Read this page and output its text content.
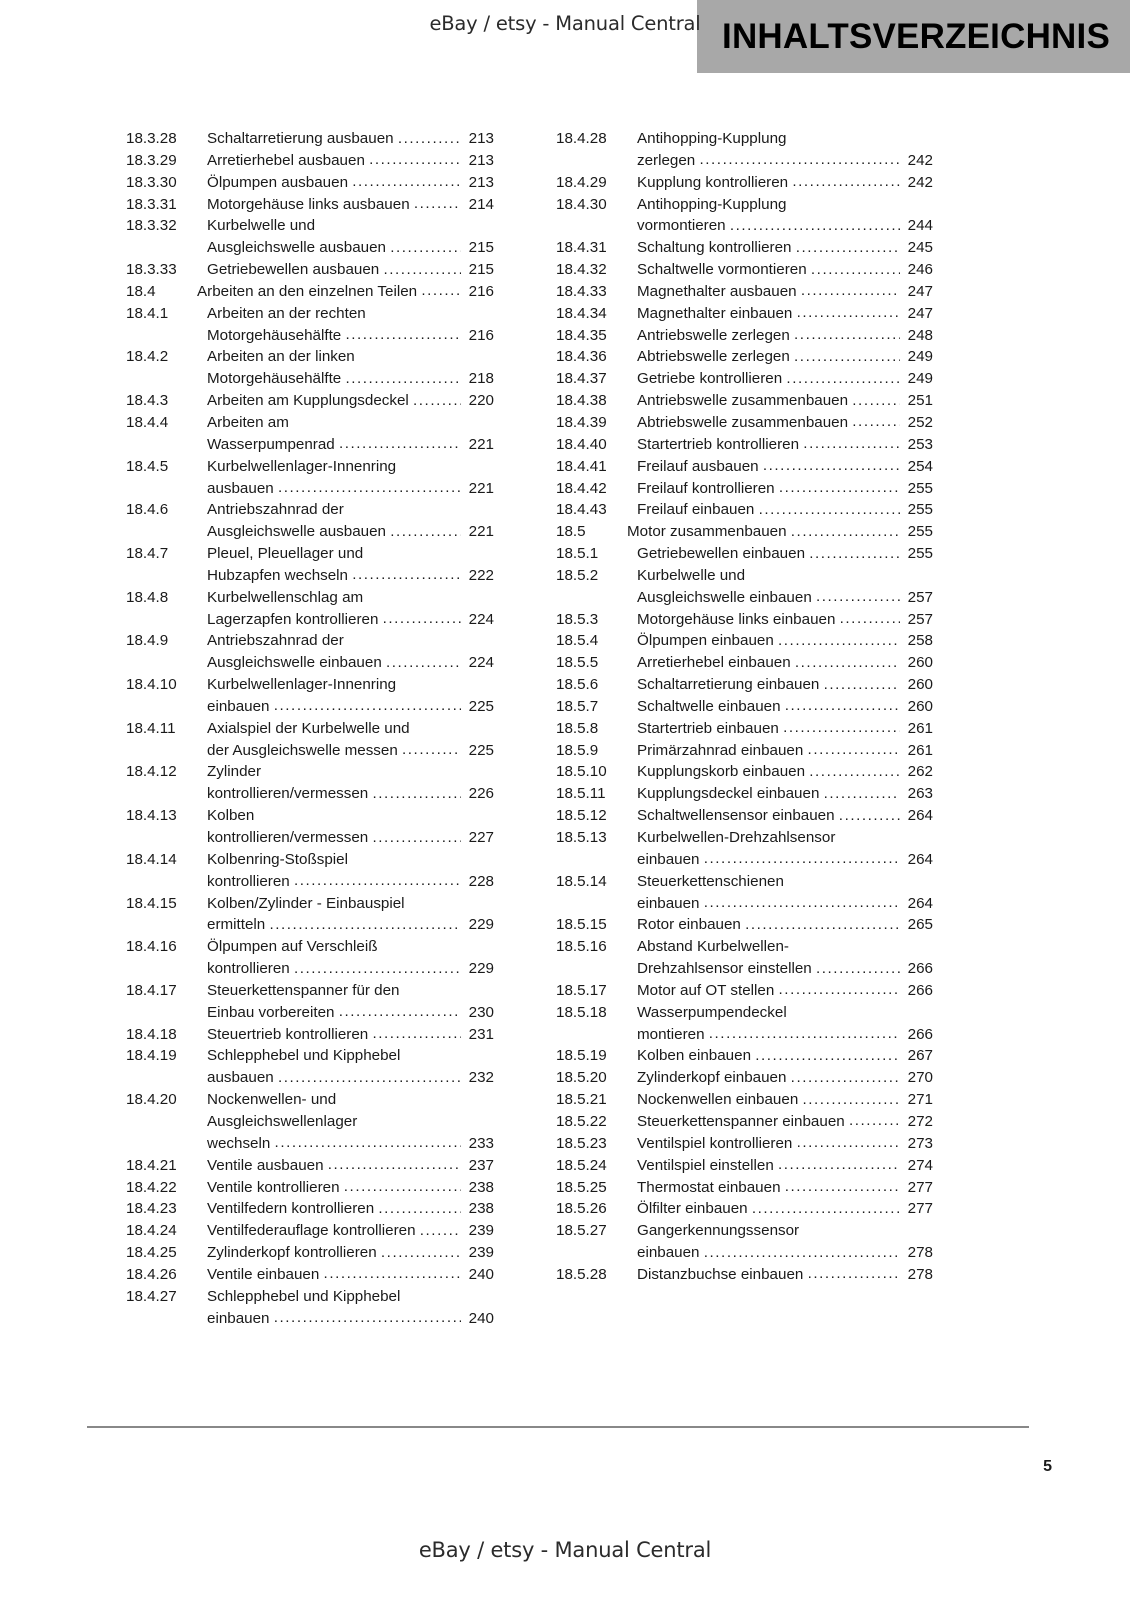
eBay / etsy - Manual Central INHALTSVERZEICHNIS
18.3.28	Schaltarretierung ausbauen .....	213
18.3.29	Arretierhebel ausbauen .....	213
18.3.30	Ölpumpen ausbauen .....	213
18.3.31	Motorgehäuse links ausbauen .....	214
18.3.32	Kurbelwelle und
Ausgleichswelle ausbauen .....	215
18.3.33	Getriebewellen ausbauen .....	215
18.4	Arbeiten an den einzelnen Teilen .....	216
18.4.1	Arbeiten an der rechten
Motorgehäusehälfte .....	216
18.4.2	Arbeiten an der linken
Motorgehäusehälfte .....	218
18.4.3	Arbeiten am Kupplungsdeckel .....	220
18.4.4	Arbeiten am
Wasserpumpenrad .....	221
18.4.5	Kurbelwellenlager-Innenring
ausbauen .....	221
18.4.6	Antriebszahnrad der
Ausgleichswelle ausbauen .....	221
18.4.7	Pleuel, Pleuellager und
Hubzapfen wechseln .....	222
18.4.8	Kurbelwellenschlag am
Lagerzapfen kontrollieren .....	224
18.4.9	Antriebszahnrad der
Ausgleichswelle einbauen .....	224
18.4.10	Kurbelwellenlager-Innenring
einbauen .....	225
18.4.11	Axialspiel der Kurbelwelle und
der Ausgleichswelle messen .....	225
18.4.12	Zylinder
kontrollieren/vermessen .....	226
18.4.13	Kolben
kontrollieren/vermessen .....	227
18.4.14	Kolbenring-Stoßspiel
kontrollieren .....	228
18.4.15	Kolben/Zylinder - Einbauspiel
ermitteln .....	229
18.4.16	Ölpumpen auf Verschleiß
kontrollieren .....	229
18.4.17	Steuerkettenspanner für den
Einbau vorbereiten .....	230
18.4.18	Steuertrieb kontrollieren .....	231
18.4.19	Schlepphebel und Kipphebel
ausbauen .....	232
18.4.20	Nockenwellen- und
Ausgleichswellenlager
wechseln .....	233
18.4.21	Ventile ausbauen .....	237
18.4.22	Ventile kontrollieren .....	238
18.4.23	Ventilfedern kontrollieren .....	238
18.4.24	Ventilfederauflage kontrollieren .....	239
18.4.25	Zylinderkopf kontrollieren .....	239
18.4.26	Ventile einbauen .....	240
18.4.27	Schlepphebel und Kipphebel
einbauen .....	240
18.4.28	Antihopping-Kupplung
zerlegen .....	242
18.4.29	Kupplung kontrollieren .....	242
18.4.30	Antihopping-Kupplung
vormontieren .....	244
18.4.31	Schaltung kontrollieren .....	245
18.4.32	Schaltwelle vormontieren .....	246
18.4.33	Magnethalter ausbauen .....	247
18.4.34	Magnethalter einbauen .....	247
18.4.35	Antriebswelle zerlegen .....	248
18.4.36	Abtriebswelle zerlegen .....	249
18.4.37	Getriebe kontrollieren .....	249
18.4.38	Antriebswelle zusammenbauen .....	251
18.4.39	Abtriebswelle zusammenbauen .....	252
18.4.40	Startertrieb kontrollieren .....	253
18.4.41	Freilauf ausbauen .....	254
18.4.42	Freilauf kontrollieren .....	255
18.4.43	Freilauf einbauen .....	255
18.5	Motor zusammenbauen .....	255
18.5.1	Getriebewellen einbauen .....	255
18.5.2	Kurbelwelle und
Ausgleichswelle einbauen .....	257
18.5.3	Motorgehäuse links einbauen .....	257
18.5.4	Ölpumpen einbauen .....	258
18.5.5	Arretierhebel einbauen .....	260
18.5.6	Schaltarretierung einbauen .....	260
18.5.7	Schaltwelle einbauen .....	260
18.5.8	Startertrieb einbauen .....	261
18.5.9	Primärzahnrad einbauen .....	261
18.5.10	Kupplungskorb einbauen .....	262
18.5.11	Kupplungsdeckel einbauen .....	263
18.5.12	Schaltwellensensor einbauen .....	264
18.5.13	Kurbelwellen-Drehzahlsensor
einbauen .....	264
18.5.14	Steuerkettenschienen
einbauen .....	264
18.5.15	Rotor einbauen .....	265
18.5.16	Abstand Kurbelwellen-
Drehzahlsensor einstellen .....	266
18.5.17	Motor auf OT stellen .....	266
18.5.18	Wasserpumpendeckel
montieren .....	266
18.5.19	Kolben einbauen .....	267
18.5.20	Zylinderkopf einbauen .....	270
18.5.21	Nockenwellen einbauen .....	271
18.5.22	Steuerkettenspanner einbauen .....	272
18.5.23	Ventilspiel kontrollieren .....	273
18.5.24	Ventilspiel einstellen .....	274
18.5.25	Thermostat einbauen .....	277
18.5.26	Ölfilter einbauen .....	277
18.5.27	Gangerkennungssensor
einbauen .....	278
18.5.28	Distanzbuchse einbauen .....	278
5
eBay / etsy - Manual Central
